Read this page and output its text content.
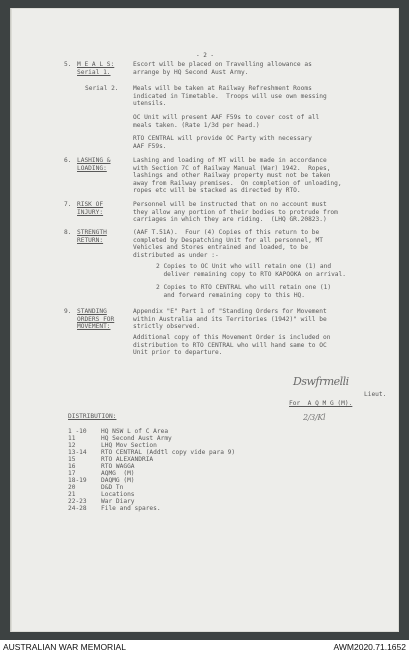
- 2 -
5. M E A L S:
Serial 1.
Escort will be placed on Travelling allowance as
arrange by HQ Second Aust Army.
Serial 2. Meals will be taken at Railway Refreshment Rooms
indicated in Timetable.  Troops will use own messing
utensils.
OC Unit will present AAF F59s to cover cost of all
meals taken. (Rate 1/3d per head.)
RTO CENTRAL will provide OC Party with necessary
AAF F59s.
6. LASHING &
LOADING:
Lashing and loading of MT will be made in accordance
with Section 7C of Railway Manual (War) 1942.  Ropes,
lashings and other Railway property must not be taken
away from Railway premises.  On completion of unloading,
ropes etc will be stacked as directed by RTO.
7. RISK OF
INJURY:
Personnel will be instructed that on no account must
they allow any portion of their bodies to protrude from
carriages in which they are riding.  (LHQ GR.20823.)
8. STRENGTH
RETURN:
(AAF T.51A).  Four (4) Copies of this return to be
completed by Despatching Unit for all personnel, MT
Vehicles and Stores entrained and loaded, to be
distributed as under :-
2 Copies to OC Unit who will retain one (1) and
deliver remaining copy to RTO KAPOOKA on arrival.
2 Copies to RTO CENTRAL who will retain one (1)
and forward remaining copy to this HQ.
9. STANDING
ORDERS FOR
MOVEMENT:
Appendix "E" Part 1 of "Standing Orders for Movement
within Australia and its Territories (1942)" will be
strictly observed.
Additional copy of this Movement Order is included on
distribution to RTO CENTRAL who will hand same to OC
Unit prior to departure.
Dswfrmelli
Lieut.
For  A Q M G (M).
2/3/Kl
DISTRIBUTION:
1 -10 HQ NSW L of C Area
11	HQ Second Aust Army
12	LHQ Mov Section
13-14 RTO CENTRAL (Addtl copy vide para 9)
15	RTO ALEXANDRIA
16	RTO WAGGA
17	AQMG  (M)
18-19 DAQMG (M)
20	D&D Tn
21	Locations
22-23 War Diary
24-28 File and spares.
AUSTRALIAN WAR MEMORIAL	AWM2020.71.1652
